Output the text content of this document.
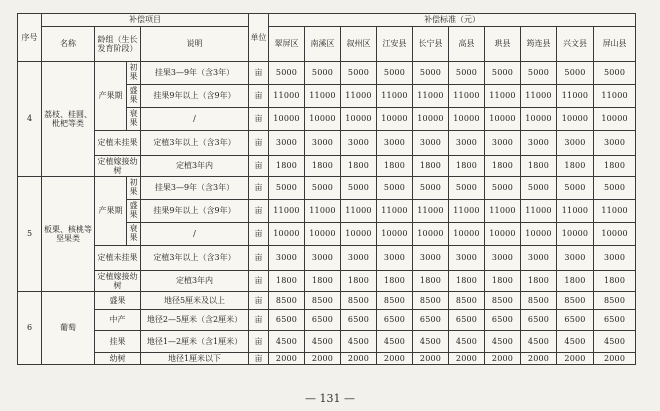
序号	补偿项目				单位	补偿标准（元）									
	名称	龄组（生长发育阶段）		说明		翠屏区	南溪区	叙州区	江安县	长宁县	高县	珙县	筠连县	兴文县	屏山县
4	荔枝、桂圆、枇杷等类	产果期	初果	挂果3—9年（含3年）	亩	5000	5000	5000	5000	5000	5000	5000	5000	5000	5000
			盛果	挂果9年以上（含9年）	亩	11000	11000	11000	11000	11000	11000	11000	11000	11000	11000
			衰果	/	亩	10000	10000	10000	10000	10000	10000	10000	10000	10000	10000
		定植未挂果		定植3年以上（含3年）	亩	3000	3000	3000	3000	3000	3000	3000	3000	3000	3000
		定植嫁接幼树		定植3年内	亩	1800	1800	1800	1800	1800	1800	1800	1800	1800	1800
5	板栗、核桃等坚果类	产果期	初果	挂果3—9年（含3年）	亩	5000	5000	5000	5000	5000	5000	5000	5000	5000	5000
			盛果	挂果9年以上（含9年）	亩	11000	11000	11000	11000	11000	11000	11000	11000	11000	11000
			衰果	/	亩	10000	10000	10000	10000	10000	10000	10000	10000	10000	10000
		定植未挂果		定植3年以上（含3年）	亩	3000	3000	3000	3000	3000	3000	3000	3000	3000	3000
		定植嫁接幼树		定植3年内	亩	1800	1800	1800	1800	1800	1800	1800	1800	1800	1800
6	葡萄	盛果		地径5厘米及以上	亩	8500	8500	8500	8500	8500	8500	8500	8500	8500	8500
		中产		地径2—5厘米（含2厘米）	亩	6500	6500	6500	6500	6500	6500	6500	6500	6500	6500
		挂果		地径1—2厘米（含1厘米）	亩	4500	4500	4500	4500	4500	4500	4500	4500	4500	4500
		幼树		地径1厘米以下	亩	2000	2000	2000	2000	2000	2000	2000	2000	2000	2000
— 131 —
